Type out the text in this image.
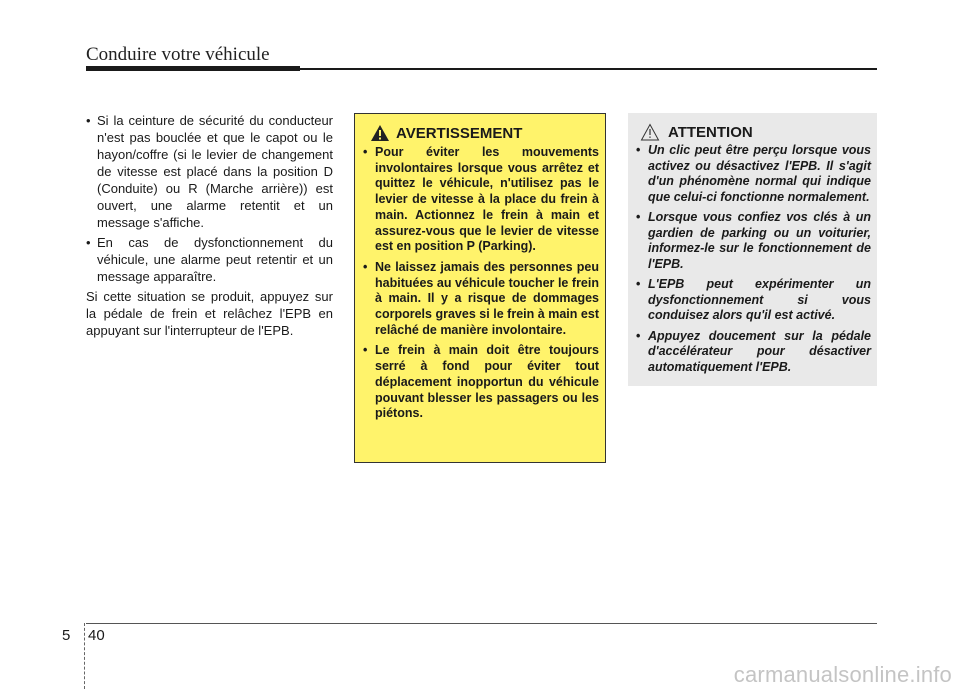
Conduire votre véhicule
• Si la ceinture de sécurité du conducteur n'est pas bouclée et que le capot ou le hayon/coffre (si le levier de changement de vitesse est placé dans la position D (Conduite) ou R (Marche arrière)) est ouvert, une alarme retentit et un message s'affiche.
• En cas de dysfonctionnement du véhicule, une alarme peut retentir et un message apparaître.

Si cette situation se produit, appuyez sur la pédale de frein et relâchez l'EPB en appuyant sur l'interrupteur de l'EPB.

AVERTISSEMENT
• Pour éviter les mouvements involontaires lorsque vous arrêtez et quittez le véhicule, n'utilisez pas le levier de vitesse à la place du frein à main. Actionnez le frein à main et assurez-vous que le levier de vitesse est en position P (Parking).
• Ne laissez jamais des personnes peu habituées au véhicule toucher le frein à main. Il y a risque de dommages corporels graves si le frein à main est relâché de manière involontaire.
• Le frein à main doit être toujours serré à fond pour éviter tout déplacement inopportun du véhicule pouvant blesser les passagers ou les piétons.
ATTENTION
• Un clic peut être perçu lorsque vous activez ou désactivez l'EPB. Il s'agit d'un phénomène normal qui indique que celui-ci fonctionne normalement.
• Lorsque vous confiez vos clés à un gardien de parking ou un voiturier, informez-le sur le fonctionnement de l'EPB.
• L'EPB peut expérimenter un dysfonctionnement si vous conduisez alors qu'il est activé.
• Appuyez doucement sur la pédale d'accélérateur pour désactiver automatiquement l'EPB.
5 40
carmanualsonline.info
